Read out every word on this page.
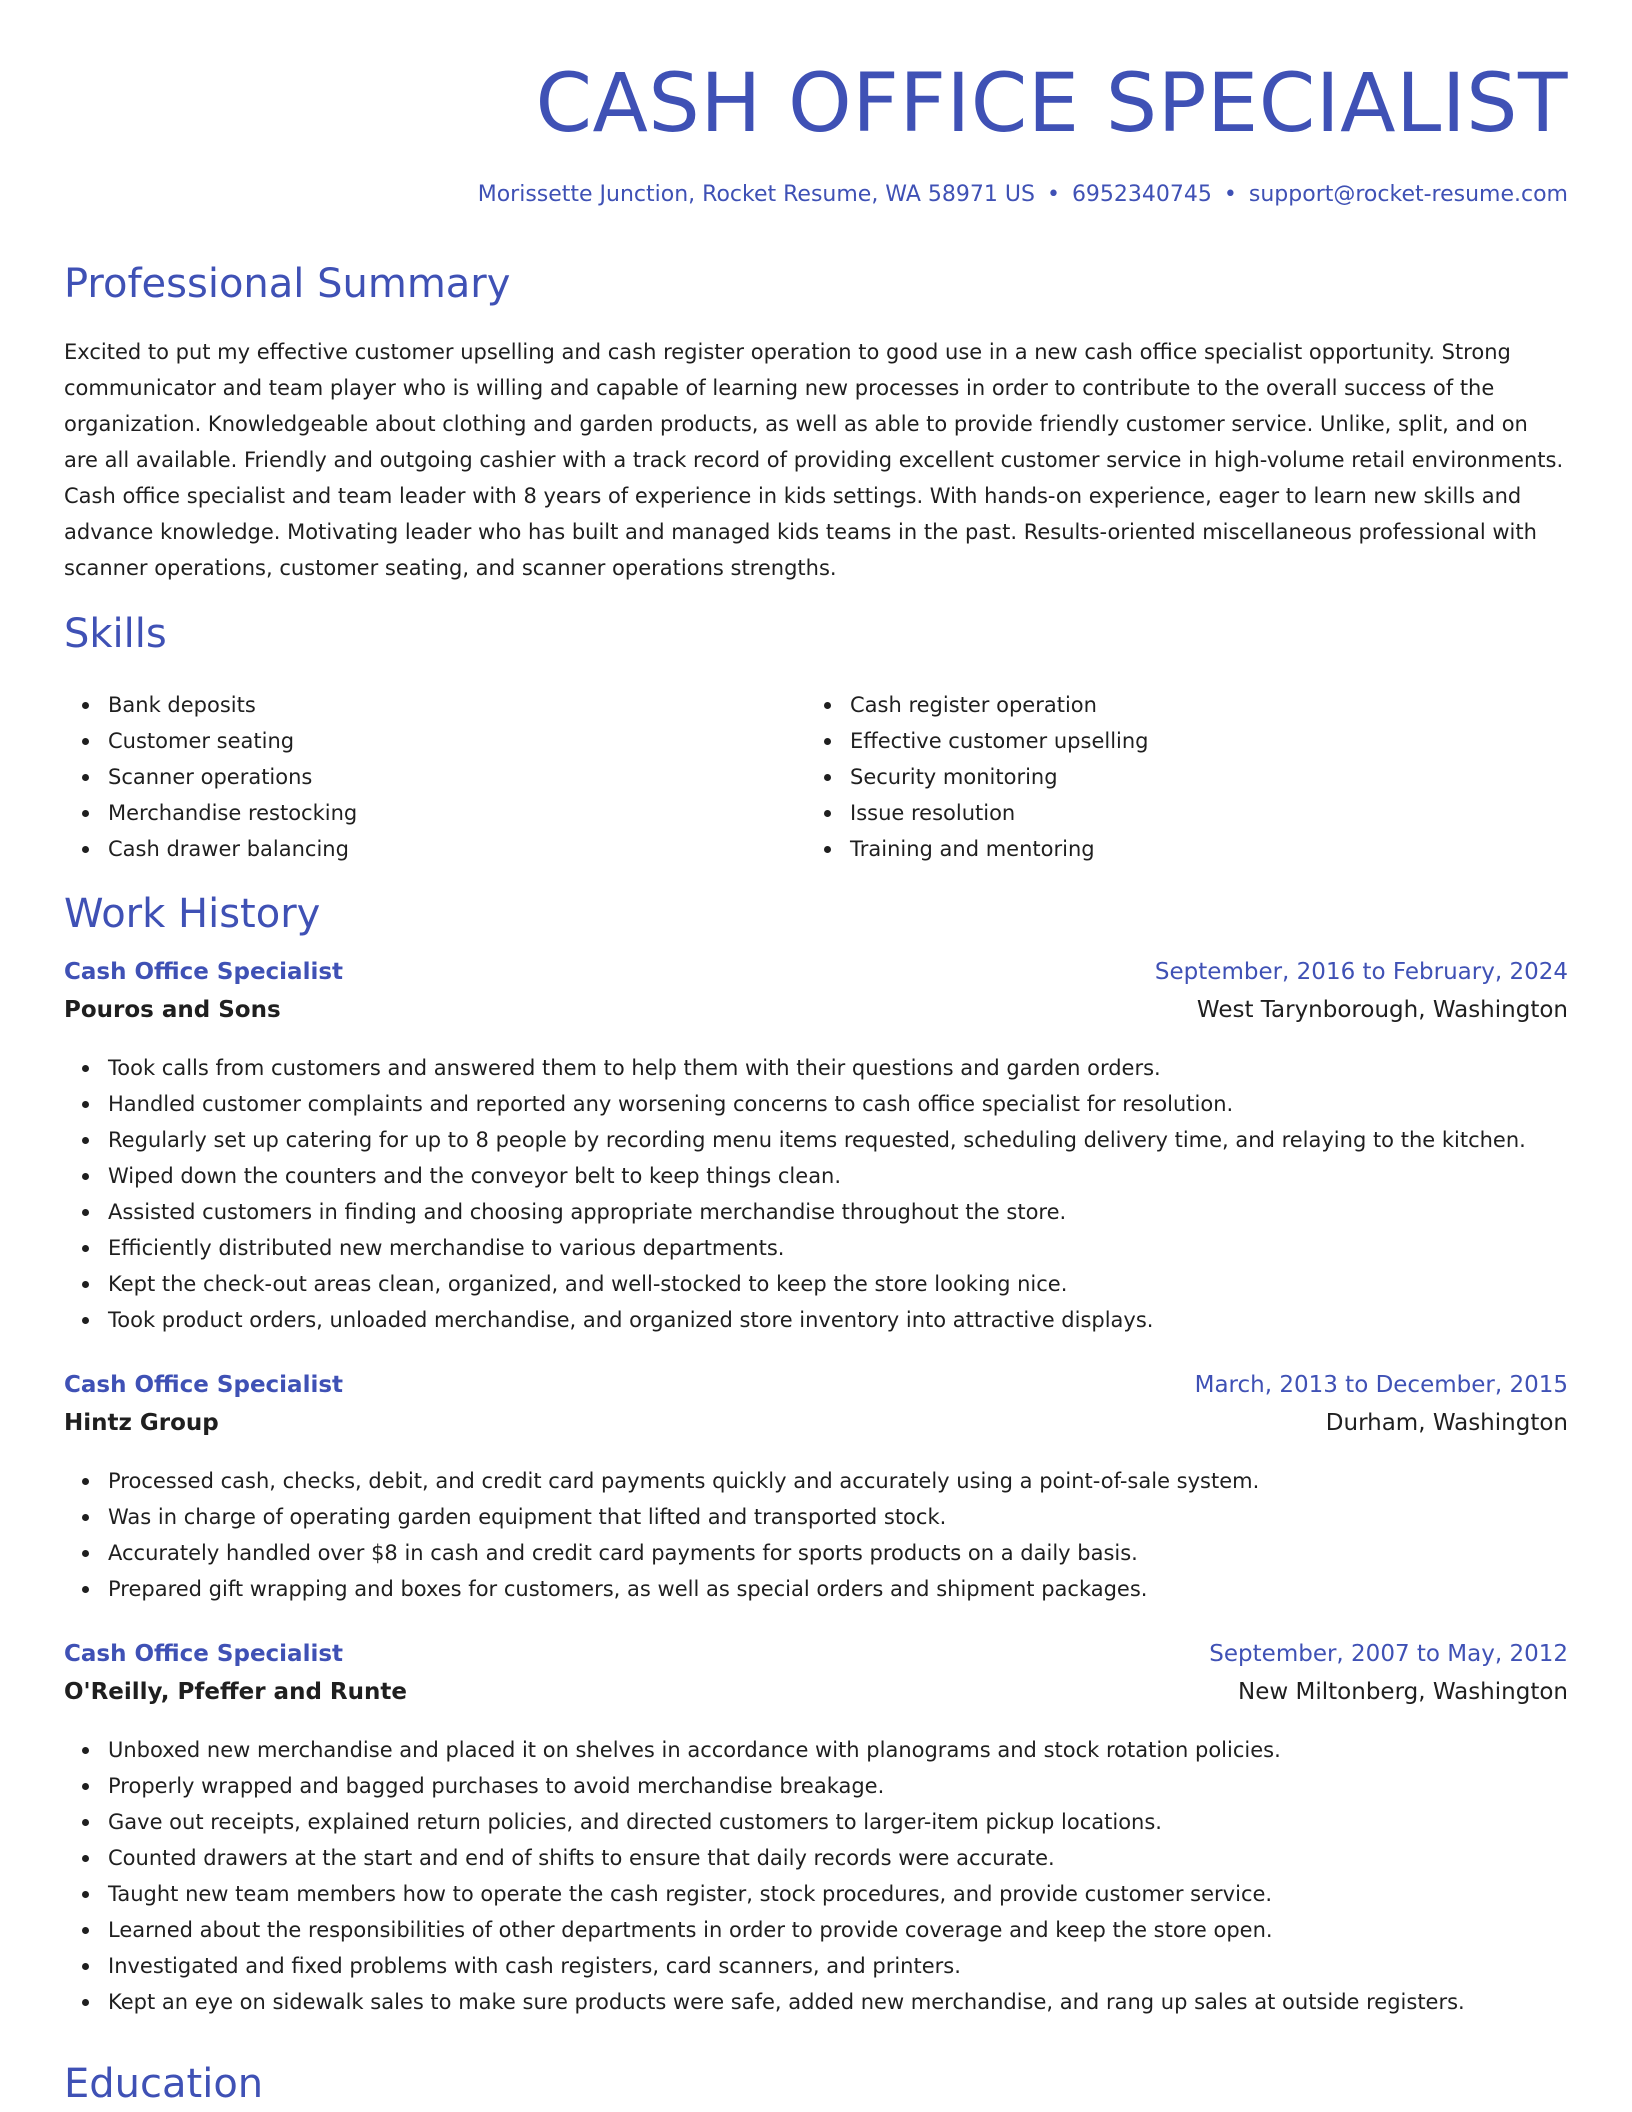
CASH OFFICE SPECIALIST
Morissette Junction, Rocket Resume, WA 58971 US • 6952340745 • support@rocket-resume.com
Professional Summary

Excited to put my effective customer upselling and cash register operation to good use in a new cash office specialist opportunity. Strong communicator and team player who is willing and capable of learning new processes in order to contribute to the overall success of the organization. Knowledgeable about clothing and garden products, as well as able to provide friendly customer service. Unlike, split, and on are all available. Friendly and outgoing cashier with a track record of providing excellent customer service in high-volume retail environments. Cash office specialist and team leader with 8 years of experience in kids settings. With hands-on experience, eager to learn new skills and advance knowledge. Motivating leader who has built and managed kids teams in the past. Results-oriented miscellaneous professional with scanner operations, customer seating, and scanner operations strengths.

Skills
Bank deposits
Customer seating
Scanner operations
Merchandise restocking
Cash drawer balancing
Cash register operation
Effective customer upselling
Security monitoring
Issue resolution
Training and mentoring
Work History
Cash Office Specialist	September, 2016 to February, 2024
Pouros and Sons	West Tarynborough, Washington
Took calls from customers and answered them to help them with their questions and garden orders.
Handled customer complaints and reported any worsening concerns to cash office specialist for resolution.
Regularly set up catering for up to 8 people by recording menu items requested, scheduling delivery time, and relaying to the kitchen.
Wiped down the counters and the conveyor belt to keep things clean.
Assisted customers in finding and choosing appropriate merchandise throughout the store.
Efficiently distributed new merchandise to various departments.
Kept the check-out areas clean, organized, and well-stocked to keep the store looking nice.
Took product orders, unloaded merchandise, and organized store inventory into attractive displays.
Cash Office Specialist	March, 2013 to December, 2015
Hintz Group	Durham, Washington
Processed cash, checks, debit, and credit card payments quickly and accurately using a point-of-sale system.
Was in charge of operating garden equipment that lifted and transported stock.
Accurately handled over $8 in cash and credit card payments for sports products on a daily basis.
Prepared gift wrapping and boxes for customers, as well as special orders and shipment packages.
Cash Office Specialist	September, 2007 to May, 2012
O'Reilly, Pfeffer and Runte	New Miltonberg, Washington
Unboxed new merchandise and placed it on shelves in accordance with planograms and stock rotation policies.
Properly wrapped and bagged purchases to avoid merchandise breakage.
Gave out receipts, explained return policies, and directed customers to larger-item pickup locations.
Counted drawers at the start and end of shifts to ensure that daily records were accurate.
Taught new team members how to operate the cash register, stock procedures, and provide customer service.
Learned about the responsibilities of other departments in order to provide coverage and keep the store open.
Investigated and fixed problems with cash registers, card scanners, and printers.
Kept an eye on sidewalk sales to make sure products were safe, added new merchandise, and rang up sales at outside registers.
Education
